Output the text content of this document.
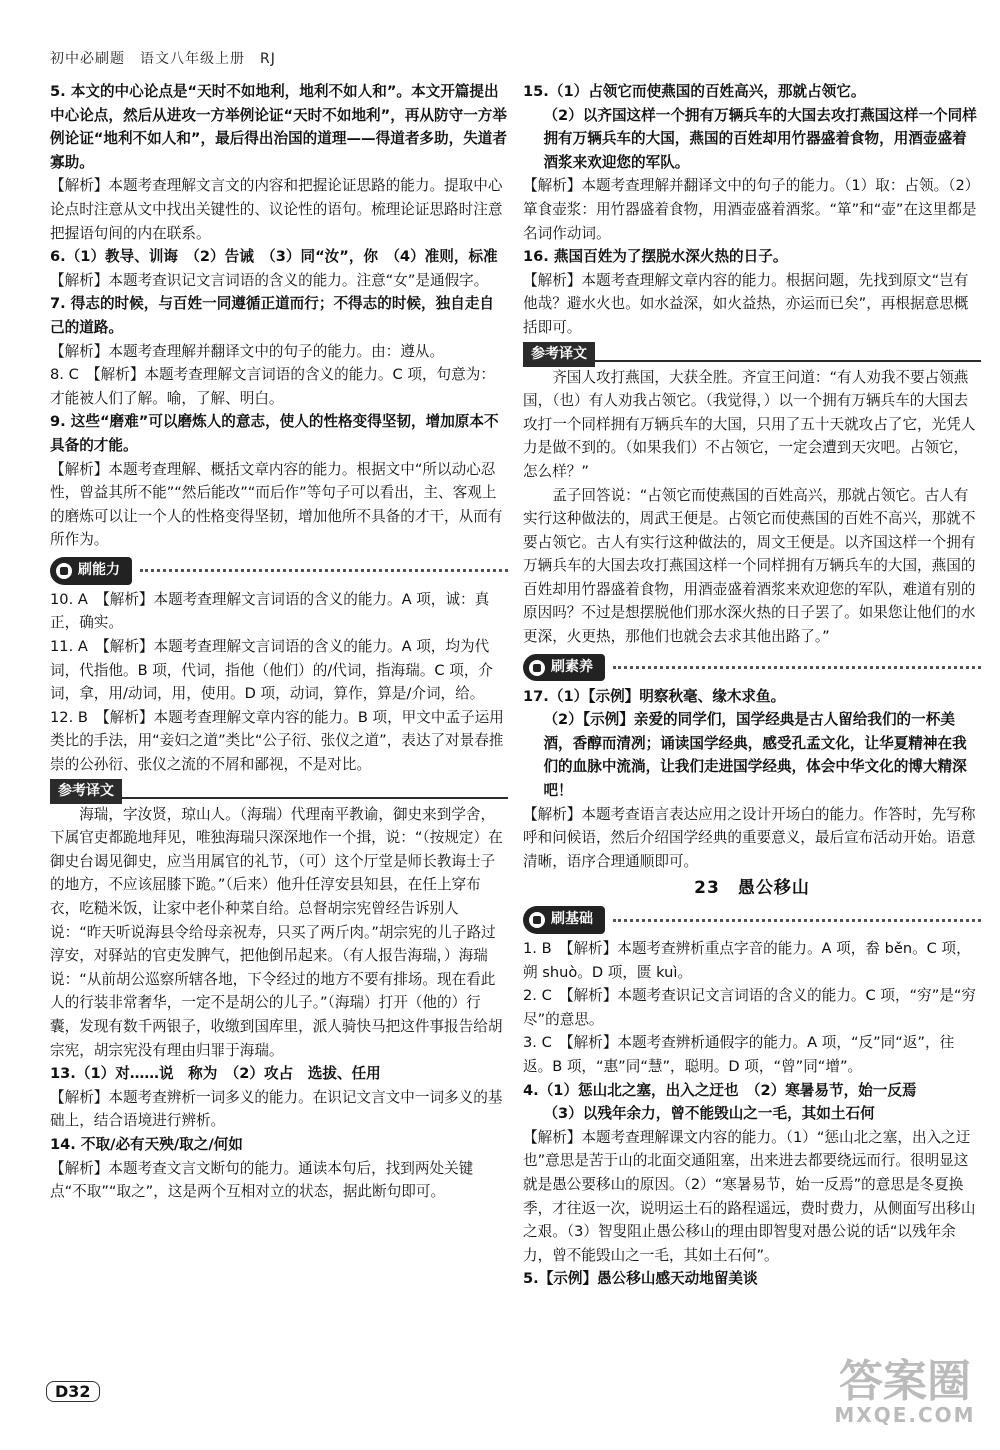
初中必刷题　语文八年级上册　RJ

5. 本文的中心论点是“天时不如地利，地利不如人和”。本文开篇提出中心论点，然后从进攻一方举例论证“天时不如地利”，再从防守一方举例论证“地利不如人和”，最后得出治国的道理——得道者多助，失道者寡助。

【解析】本题考查理解文言文的内容和把握论证思路的能力。提取中心论点时注意从文中找出关键性的、议论性的语句。梳理论证思路时注意把握语句间的内在联系。

6.（1）教导、训诲　（2）告诫　（3）同“汝”，你　（4）准则，标准

【解析】本题考查识记文言词语的含义的能力。注意“女”是通假字。

7. 得志的时候，与百姓一同遵循正道而行；不得志的时候，独自走自己的道路。

【解析】本题考查理解并翻译文中的句子的能力。由：遵从。

8. C　【解析】本题考查理解文言词语的含义的能力。C 项，句意为：才能被人们了解。喻，了解、明白。

9. 这些“磨难”可以磨炼人的意志，使人的性格变得坚韧，增加原本不具备的才能。

【解析】本题考查理解、概括文章内容的能力。根据文中“所以动心忍性，曾益其所不能”“然后能改”“而后作”等句子可以看出，主、客观上的磨炼可以让一个人的性格变得坚韧，增加他所不具备的才干，从而有所作为。

刷能力

10. A　【解析】本题考查理解文言词语的含义的能力。A 项，诚：真正，确实。

11. A　【解析】本题考查理解文言词语的含义的能力。A 项，均为代词，代指他。B 项，代词，指他（他们）的/代词，指海瑞。C 项，介词，拿，用/动词，用，使用。D 项，动词，算作，算是/介词，给。

12. B　【解析】本题考查理解文章内容的能力。B 项，甲文中孟子运用类比的手法，用“妾妇之道”类比“公子衍、张仪之道”，表达了对景春推崇的公孙衍、张仪之流的不屑和鄙视，不是对比。

参考译文

海瑞，字汝贤，琼山人。（海瑞）代理南平教谕，御史来到学舍，下属官吏都跪地拜见，唯独海瑞只深深地作一个揖，说：“（按规定）在御史台谒见御史，应当用属官的礼节，（可）这个厅堂是师长教诲士子的地方，不应该屈膝下跪。”（后来）他升任淳安县知县，在任上穿布衣，吃糙米饭，让家中老仆种菜自给。总督胡宗宪曾经告诉别人说：“昨天听说海县令给母亲祝寿，只买了两斤肉。”胡宗宪的儿子路过淳安，对驿站的官吏发脾气，把他倒吊起来。（有人报告海瑞，）海瑞说：“从前胡公巡察所辖各地，下令经过的地方不要有排场。现在看此人的行装非常奢华，一定不是胡公的儿子。”（海瑞）打开（他的）行囊，发现有数千两银子，收缴到国库里，派人骑快马把这件事报告给胡宗宪，胡宗宪没有理由归罪于海瑞。

13.（1）对……说　称为　（2）攻占　选拔、任用

【解析】本题考查辨析一词多义的能力。在识记文言文中一词多义的基础上，结合语境进行辨析。

14. 不取/必有天殃/取之/何如

【解析】本题考查文言文断句的能力。通读本句后，找到两处关键点“不取”“取之”，这是两个互相对立的状态，据此断句即可。

15.（1）占领它而使燕国的百姓高兴，那就占领它。

（2）以齐国这样一个拥有万辆兵车的大国去攻打燕国这样一个同样拥有万辆兵车的大国，燕国的百姓却用竹器盛着食物，用酒壶盛着酒浆来欢迎您的军队。

【解析】本题考查理解并翻译文中的句子的能力。（1）取：占领。（2）箪食壶浆：用竹器盛着食物，用酒壶盛着酒浆。“箪”和“壶”在这里都是名词作动词。

16. 燕国百姓为了摆脱水深火热的日子。

【解析】本题考查理解文章内容的能力。根据问题，先找到原文“岂有他哉？避水火也。如水益深，如火益热，亦运而已矣”，再根据意思概括即可。

参考译文

齐国人攻打燕国，大获全胜。齐宣王问道：“有人劝我不要占领燕国，（也）有人劝我占领它。（我觉得，）以一个拥有万辆兵车的大国去攻打一个同样拥有万辆兵车的大国，只用了五十天就攻占了它，光凭人力是做不到的。（如果我们）不占领它，一定会遭到天灾吧。占领它，怎么样？”

孟子回答说：“占领它而使燕国的百姓高兴，那就占领它。古人有实行这种做法的，周武王便是。占领它而使燕国的百姓不高兴，那就不要占领它。古人有实行这种做法的，周文王便是。以齐国这样一个拥有万辆兵车的大国去攻打燕国这样一个同样拥有万辆兵车的大国，燕国的百姓却用竹器盛着食物，用酒壶盛着酒浆来欢迎您的军队，难道有别的原因吗？不过是想摆脱他们那水深火热的日子罢了。如果您让他们的水更深，火更热，那他们也就会去求其他出路了。”

刷素养

17.（1）【示例】明察秋毫、缘木求鱼。

（2）【示例】亲爱的同学们，国学经典是古人留给我们的一杯美酒，香醇而清冽；诵读国学经典，感受孔孟文化，让华夏精神在我们的血脉中流淌，让我们走进国学经典，体会中华文化的博大精深吧！

【解析】本题考查语言表达应用之设计开场白的能力。作答时，先写称呼和问候语，然后介绍国学经典的重要意义，最后宣布活动开始。语意清晰，语序合理通顺即可。

23　愚公移山
刷基础

1. B　【解析】本题考查辨析重点字音的能力。A 项，畚 běn。C 项，朔 shuò。D 项，匮 kuì。

2. C　【解析】本题考查识记文言词语的含义的能力。C 项，“穷”是“穷尽”的意思。

3. C　【解析】本题考查辨析通假字的能力。A 项，“反”同“返”，往返。B 项，“惠”同“慧”，聪明。D 项，“曾”同“增”。

4.（1）惩山北之塞，出入之迂也　（2）寒暑易节，始一反焉

（3）以残年余力，曾不能毁山之一毛，其如土石何

【解析】本题考查理解课文内容的能力。（1）“惩山北之塞，出入之迂也”意思是苦于山的北面交通阻塞，出来进去都要绕远而行。很明显这就是愚公要移山的原因。（2）“寒暑易节，始一反焉”的意思是冬夏换季，才往返一次，说明运土石的路程遥远，费时费力，从侧面写出移山之艰。（3）智叟阻止愚公移山的理由即智叟对愚公说的话“以残年余力，曾不能毁山之一毛，其如土石何”。

5.【示例】愚公移山感天动地留美谈

D32	答案圈
MXQE.COM
